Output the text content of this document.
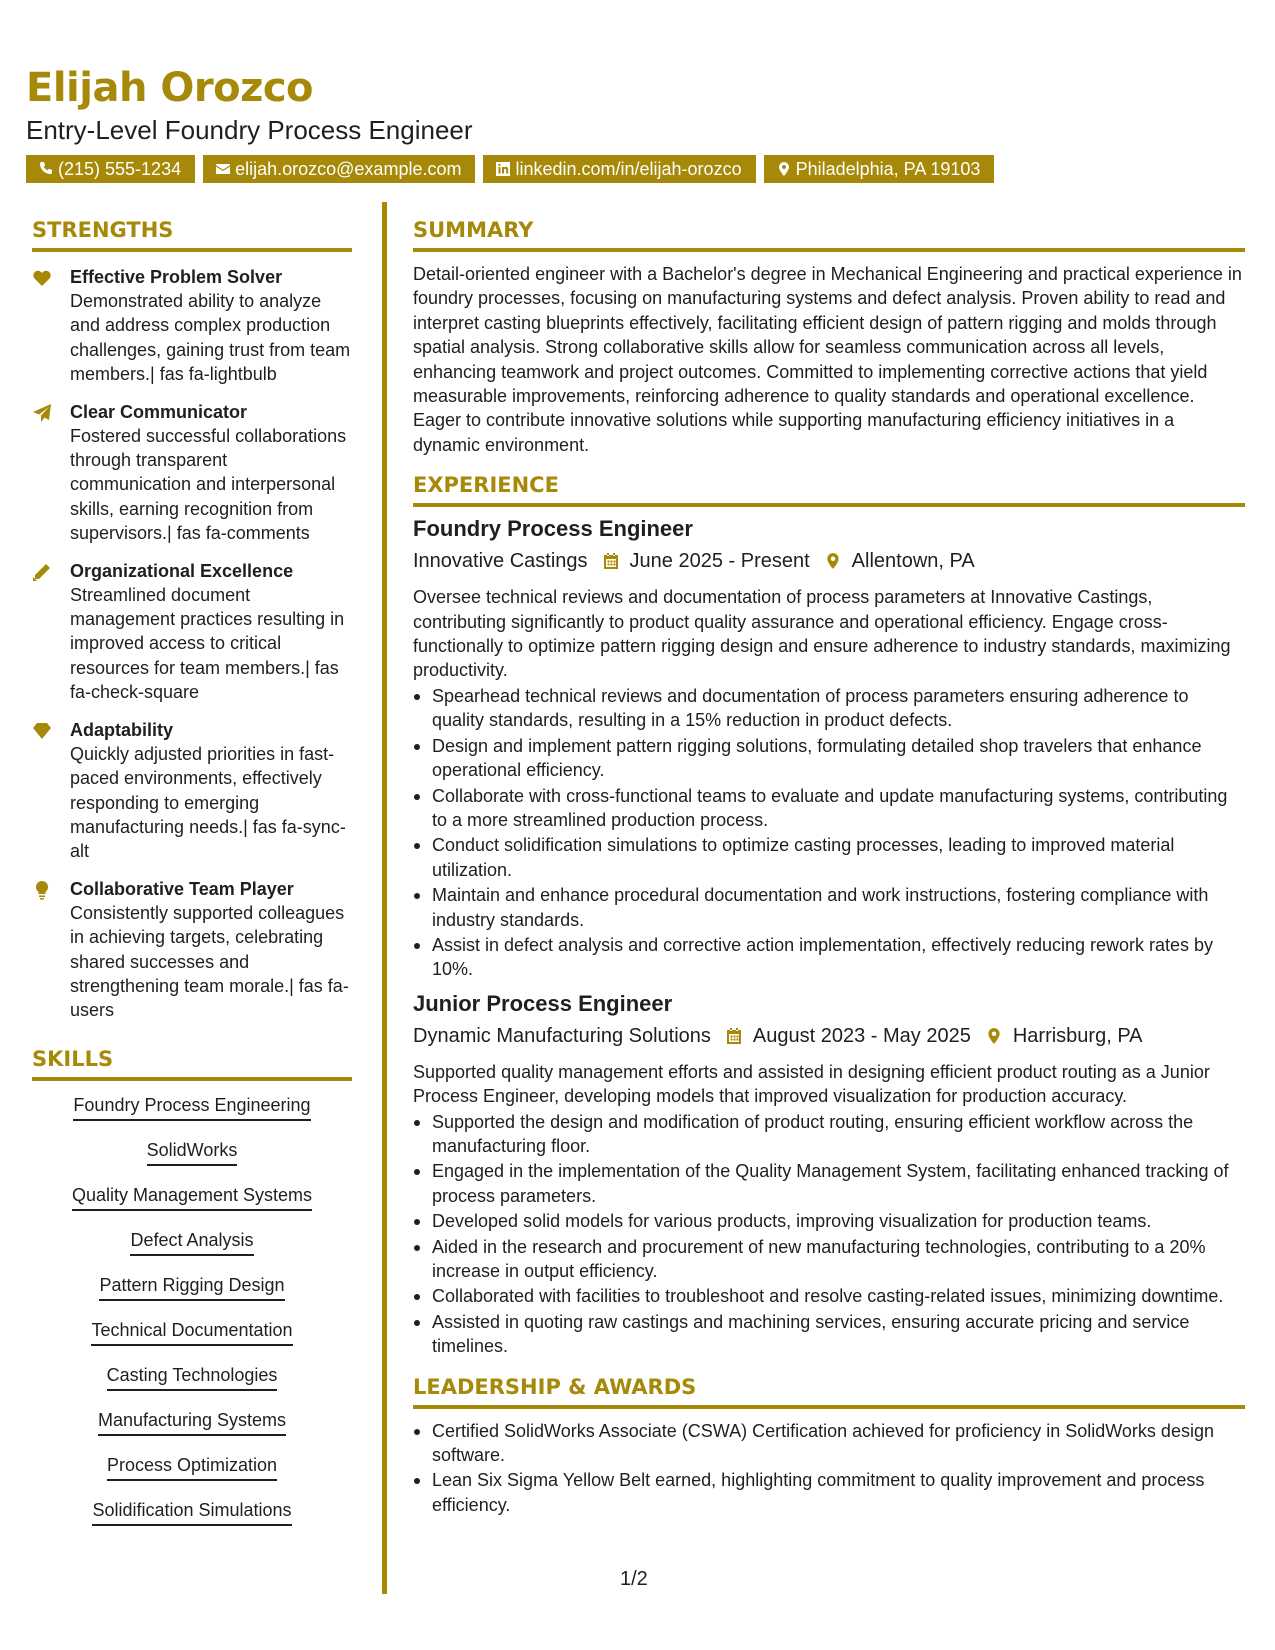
Elijah Orozco
Entry-Level Foundry Process Engineer
(215) 555-1234	elijah.orozco@example.com	linkedin.com/in/elijah-orozco	Philadelphia, PA 19103
STRENGTHS
Effective Problem Solver
Demonstrated ability to analyze and address complex production challenges, gaining trust from team members.| fas fa-lightbulb
Clear Communicator
Fostered successful collaborations through transparent communication and interpersonal skills, earning recognition from supervisors.| fas fa-comments
Organizational Excellence
Streamlined document management practices resulting in improved access to critical resources for team members.| fas fa-check-square
Adaptability
Quickly adjusted priorities in fast-paced environments, effectively responding to emerging manufacturing needs.| fas fa-sync-alt
Collaborative Team Player
Consistently supported colleagues in achieving targets, celebrating shared successes and strengthening team morale.| fas fa-users
SKILLS
Foundry Process Engineering
SolidWorks
Quality Management Systems
Defect Analysis
Pattern Rigging Design
Technical Documentation
Casting Technologies
Manufacturing Systems
Process Optimization
Solidification Simulations
SUMMARY
Detail-oriented engineer with a Bachelor's degree in Mechanical Engineering and practical experience in foundry processes, focusing on manufacturing systems and defect analysis. Proven ability to read and interpret casting blueprints effectively, facilitating efficient design of pattern rigging and molds through spatial analysis. Strong collaborative skills allow for seamless communication across all levels, enhancing teamwork and project outcomes. Committed to implementing corrective actions that yield measurable improvements, reinforcing adherence to quality standards and operational excellence. Eager to contribute innovative solutions while supporting manufacturing efficiency initiatives in a dynamic environment.
EXPERIENCE
Foundry Process Engineer
Innovative Castings June 2025 - Present Allentown, PA
Oversee technical reviews and documentation of process parameters at Innovative Castings, contributing significantly to product quality assurance and operational efficiency. Engage cross-functionally to optimize pattern rigging design and ensure adherence to industry standards, maximizing productivity.
Spearhead technical reviews and documentation of process parameters ensuring adherence to quality standards, resulting in a 15% reduction in product defects.
Design and implement pattern rigging solutions, formulating detailed shop travelers that enhance operational efficiency.
Collaborate with cross-functional teams to evaluate and update manufacturing systems, contributing to a more streamlined production process.
Conduct solidification simulations to optimize casting processes, leading to improved material utilization.
Maintain and enhance procedural documentation and work instructions, fostering compliance with industry standards.
Assist in defect analysis and corrective action implementation, effectively reducing rework rates by 10%.
Junior Process Engineer
Dynamic Manufacturing Solutions August 2023 - May 2025 Harrisburg, PA
Supported quality management efforts and assisted in designing efficient product routing as a Junior Process Engineer, developing models that improved visualization for production accuracy.
Supported the design and modification of product routing, ensuring efficient workflow across the manufacturing floor.
Engaged in the implementation of the Quality Management System, facilitating enhanced tracking of process parameters.
Developed solid models for various products, improving visualization for production teams.
Aided in the research and procurement of new manufacturing technologies, contributing to a 20% increase in output efficiency.
Collaborated with facilities to troubleshoot and resolve casting-related issues, minimizing downtime.
Assisted in quoting raw castings and machining services, ensuring accurate pricing and service timelines.
LEADERSHIP & AWARDS
Certified SolidWorks Associate (CSWA) Certification achieved for proficiency in SolidWorks design software.
Lean Six Sigma Yellow Belt earned, highlighting commitment to quality improvement and process efficiency.
1/2
